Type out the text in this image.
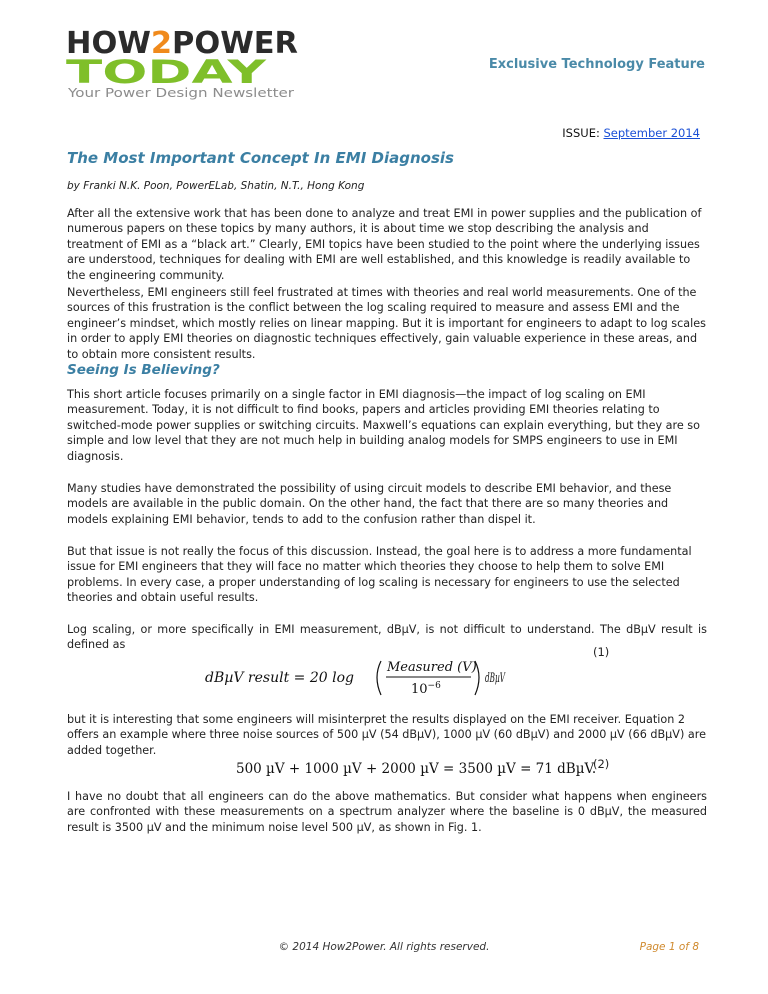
HOW2POWER
TODAY
Your Power Design Newsletter
Exclusive Technology Feature
ISSUE: September 2014
The Most Important Concept In EMI Diagnosis
by Franki N.K. Poon, PowerELab, Shatin, N.T., Hong Kong

After all the extensive work that has been done to analyze and treat EMI in power supplies and the publication of numerous papers on these topics by many authors, it is about time we stop describing the analysis and treatment of EMI as a “black art.” Clearly, EMI topics have been studied to the point where the underlying issues are understood, techniques for dealing with EMI are well established, and this knowledge is readily available to the engineering community.

Nevertheless, EMI engineers still feel frustrated at times with theories and real world measurements. One of the sources of this frustration is the conflict between the log scaling required to measure and assess EMI and the engineer’s mindset, which mostly relies on linear mapping. But it is important for engineers to adapt to log scales in order to apply EMI theories on diagnostic techniques effectively, gain valuable experience in these areas, and to obtain more consistent results.

Seeing Is Believing?

This short article focuses primarily on a single factor in EMI diagnosis—the impact of log scaling on EMI measurement. Today, it is not difficult to find books, papers and articles providing EMI theories relating to switched-mode power supplies or switching circuits. Maxwell’s equations can explain everything, but they are so simple and low level that they are not much help in building analog models for SMPS engineers to use in EMI diagnosis.

Many studies have demonstrated the possibility of using circuit models to describe EMI behavior, and these models are available in the public domain. On the other hand, the fact that there are so many theories and models explaining EMI behavior, tends to add to the confusion rather than dispel it.

But that issue is not really the focus of this discussion. Instead, the goal here is to address a more fundamental issue for EMI engineers that they will face no matter which theories they choose to help them to solve EMI problems. In every case, a proper understanding of log scaling is necessary for engineers to use the selected theories and obtain useful results.

Log scaling, or more specifically in EMI measurement, dBµV, is not difficult to understand. The dBµV result is defined as

dBµV result = 20 log
Measured (V)
$10^{-6}$	dBµV
(1)

but it is interesting that some engineers will misinterpret the results displayed on the EMI receiver. Equation 2 offers an example where three noise sources of 500 µV (54 dBµV), 1000 µV (60 dBµV) and 2000 µV (66 dBµV) are added together.

500 µV + 1000 µV + 2000 µV = 3500 µV = 71 dBµV.
(2)

I have no doubt that all engineers can do the above mathematics. But consider what happens when engineers are confronted with these measurements on a spectrum analyzer where the baseline is 0 dBµV, the measured result is 3500 µV and the minimum noise level 500 µV, as shown in Fig. 1.

© 2014 How2Power. All rights reserved.	Page 1 of 8
